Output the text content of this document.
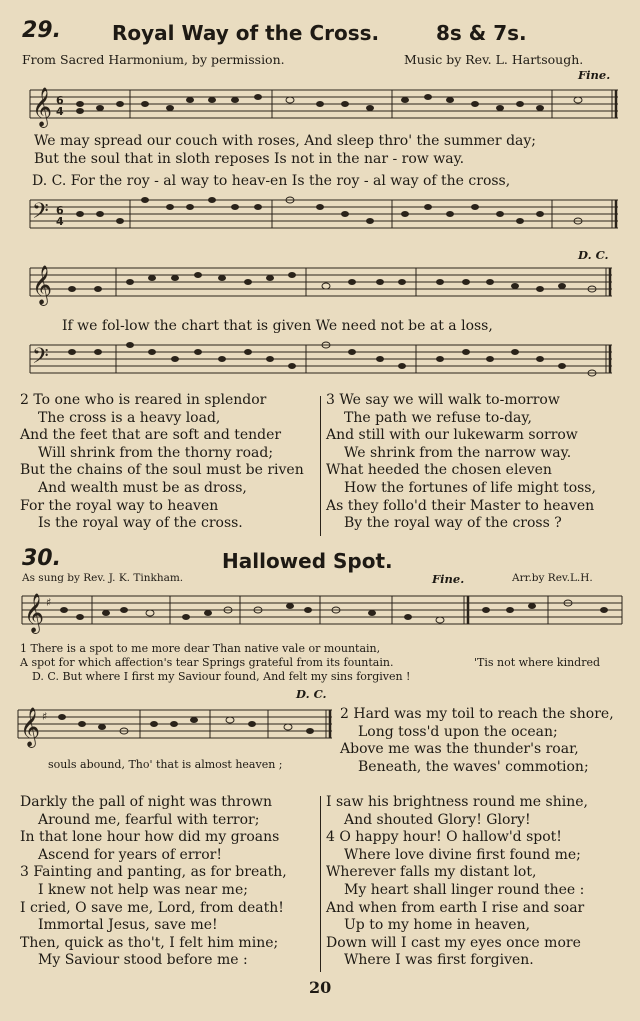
29.	Royal Way of the Cross.	8s & 7s.
From Sacred Harmonium, by permission.	Music by Rev. L. Hartsough.
Fine.
𝄞 6
4
We may spread our couch with roses, And sleep thro' the summer day;
But the soul that in sloth reposes Is not in the nar - row way.
D. C. For the roy - al way to heav-en Is the roy - al way of the cross,
𝄢 6
4
D. C.
𝄞
If we fol-low the chart that is given We need not be at a loss,
𝄢
2 To one who is reared in splendor
The cross is a heavy load,
And the feet that are soft and tender
Will shrink from the thorny road;
But the chains of the soul must be riven
And wealth must be as dross,
For the royal way to heaven
Is the royal way of the cross.
3 We say we will walk to-morrow
The path we refuse to-day,
And still with our lukewarm sorrow
We shrink from the narrow way.
What heeded the chosen eleven
How the fortunes of life might toss,
As they follo'd their Master to heaven
By the royal way of the cross ?
30.	Hallowed Spot.
As sung by Rev. J. K. Tinkham.	Fine.	Arr.by Rev.L.H.
𝄞 ♯
1 There is a spot to me more dear Than native vale or mountain,
A spot for which affection's tear Springs grateful from its fountain.	'Tis not where kindred
D. C. But where I first my Saviour found, And felt my sins forgiven !
D. C.
𝄞 ♯
souls abound, Tho' that is almost heaven ;
2 Hard was my toil to reach the shore,
Long toss'd upon the ocean;
Above me was the thunder's roar,
Beneath, the waves' commotion;
Darkly the pall of night was thrown
Around me, fearful with terror;
In that lone hour how did my groans
Ascend for years of error!
3 Fainting and panting, as for breath,
I knew not help was near me;
I cried, O save me, Lord, from death!
Immortal Jesus, save me!
Then, quick as tho't, I felt him mine;
My Saviour stood before me :
I saw his brightness round me shine,
And shouted Glory! Glory!
4 O happy hour! O hallow'd spot!
Where love divine first found me;
Wherever falls my distant lot,
My heart shall linger round thee :
And when from earth I rise and soar
Up to my home in heaven,
Down will I cast my eyes once more
Where I was first forgiven.
20
